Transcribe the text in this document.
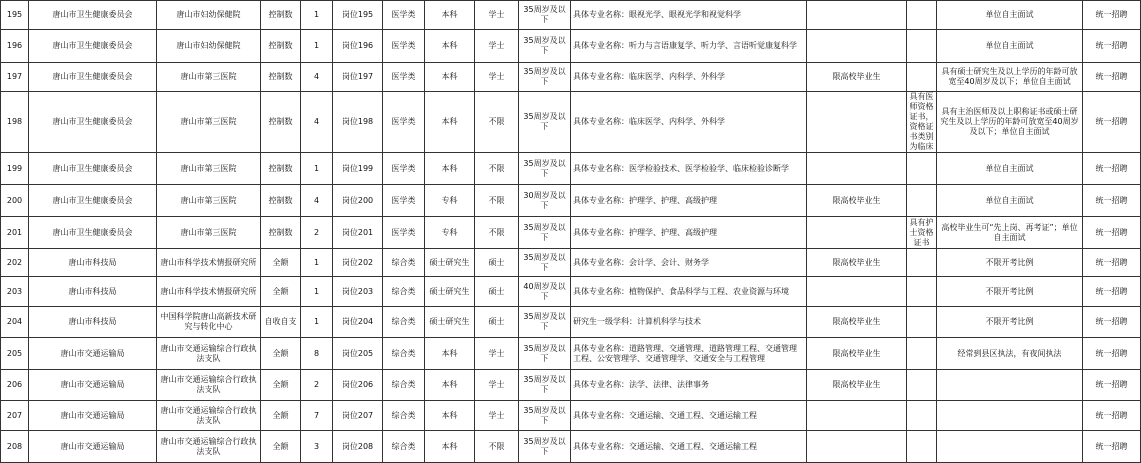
195	唐山市卫生健康委员会	唐山市妇幼保健院	控制数	1	岗位195	医学类	本科	学士	35周岁及以下	具体专业名称：眼视光学、眼视光学和视觉科学			单位自主面试	统一招聘
196	唐山市卫生健康委员会	唐山市妇幼保健院	控制数	1	岗位196	医学类	本科	学士	35周岁及以下	具体专业名称：听力与言语康复学、听力学、言语听觉康复科学			单位自主面试	统一招聘
197	唐山市卫生健康委员会	唐山市第三医院	控制数	4	岗位197	医学类	本科	学士	35周岁及以下	具体专业名称：临床医学、内科学、外科学	限高校毕业生		具有硕士研究生及以上学历的年龄可放宽至40周岁及以下；单位自主面试	统一招聘
198	唐山市卫生健康委员会	唐山市第三医院	控制数	4	岗位198	医学类	本科	不限	35周岁及以下	具体专业名称：临床医学、内科学、外科学		具有医师资格证书，资格证书类别为临床	具有主治医师及以上职称证书或硕士研究生及以上学历的年龄可放宽至40周岁及以下；单位自主面试	统一招聘
199	唐山市卫生健康委员会	唐山市第三医院	控制数	1	岗位199	医学类	本科	不限	35周岁及以下	具体专业名称：医学检验技术、医学检验学、临床检验诊断学			单位自主面试	统一招聘
200	唐山市卫生健康委员会	唐山市第三医院	控制数	4	岗位200	医学类	专科	不限	30周岁及以下	具体专业名称：护理学、护理、高级护理	限高校毕业生		单位自主面试	统一招聘
201	唐山市卫生健康委员会	唐山市第三医院	控制数	2	岗位201	医学类	专科	不限	35周岁及以下	具体专业名称：护理学、护理、高级护理		具有护士资格证书	高校毕业生可“先上岗、再考证”；单位自主面试	统一招聘
202	唐山市科技局	唐山市科学技术情报研究所	全额	1	岗位202	综合类	硕士研究生	硕士	35周岁及以下	具体专业名称：会计学、会计、财务学	限高校毕业生		不限开考比例	统一招聘
203	唐山市科技局	唐山市科学技术情报研究所	全额	1	岗位203	综合类	硕士研究生	硕士	40周岁及以下	具体专业名称：植物保护、食品科学与工程、农业资源与环境			不限开考比例	统一招聘
204	唐山市科技局	中国科学院唐山高新技术研究与转化中心	自收自支	1	岗位204	综合类	硕士研究生	硕士	35周岁及以下	研究生一级学科：计算机科学与技术	限高校毕业生		不限开考比例	统一招聘
205	唐山市交通运输局	唐山市交通运输综合行政执法支队	全额	8	岗位205	综合类	本科	学士	35周岁及以下	具体专业名称：道路管理、交通管理、道路管理工程、交通管理工程、公安管理学、交通管理学、交通安全与工程管理	限高校毕业生		经常到县区执法，有夜间执法	统一招聘
206	唐山市交通运输局	唐山市交通运输综合行政执法支队	全额	2	岗位206	综合类	本科	学士	35周岁及以下	具体专业名称：法学、法律、法律事务	限高校毕业生			统一招聘
207	唐山市交通运输局	唐山市交通运输综合行政执法支队	全额	7	岗位207	综合类	本科	学士	35周岁及以下	具体专业名称：交通运输、交通工程、交通运输工程				统一招聘
208	唐山市交通运输局	唐山市交通运输综合行政执法支队	全额	3	岗位208	综合类	本科	不限	35周岁及以下	具体专业名称：交通运输、交通工程、交通运输工程				统一招聘
